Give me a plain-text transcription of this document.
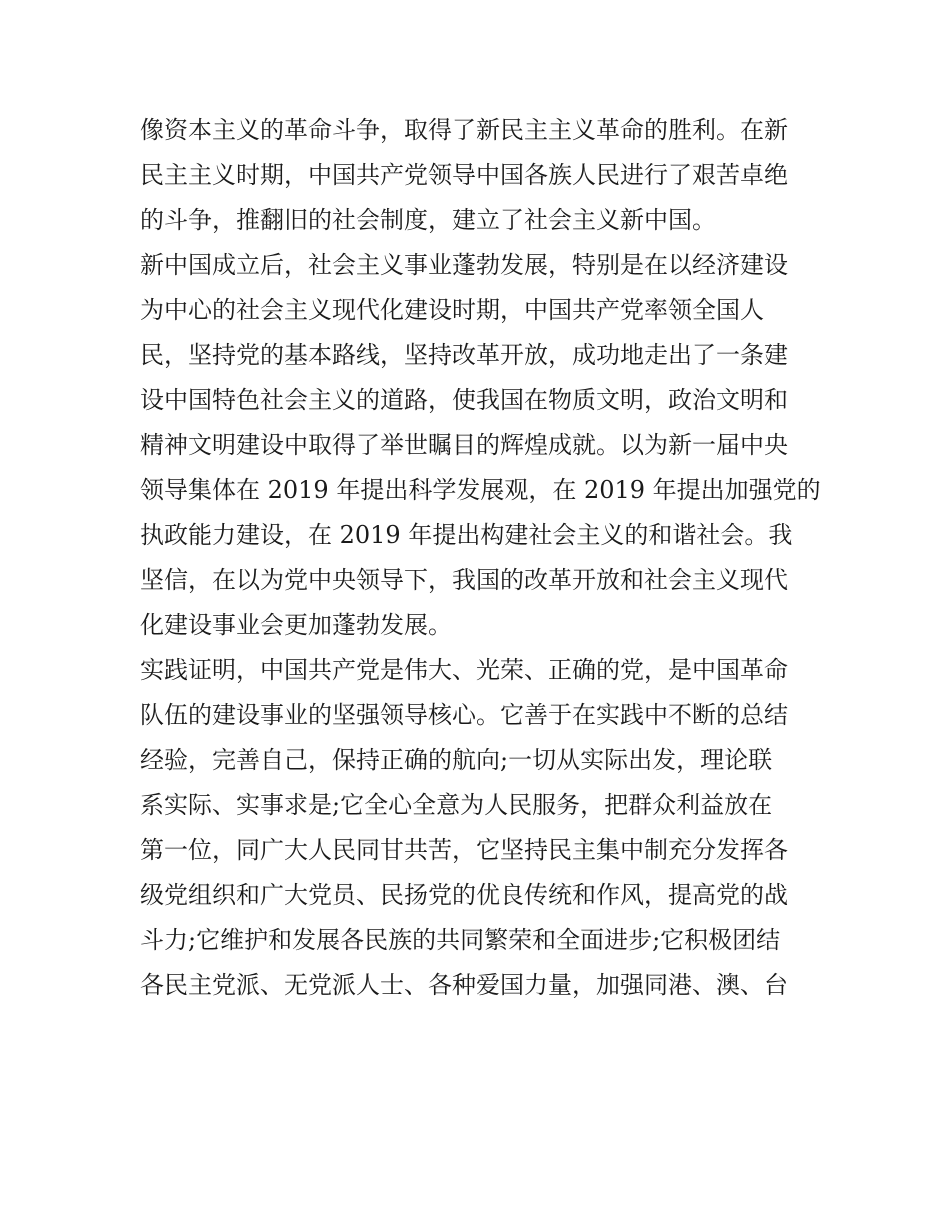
像资本主义的革命斗争，取得了新民主主义革命的胜利。在新
民主主义时期，中国共产党领导中国各族人民进行了艰苦卓绝
的斗争，推翻旧的社会制度，建立了社会主义新中国。
新中国成立后，社会主义事业蓬勃发展，特别是在以经济建设
为中心的社会主义现代化建设时期，中国共产党率领全国人
民，坚持党的基本路线，坚持改革开放，成功地走出了一条建
设中国特色社会主义的道路，使我国在物质文明，政治文明和
精神文明建设中取得了举世瞩目的辉煌成就。以为新一届中央
领导集体在 2019 年提出科学发展观，在 2019 年提出加强党的
执政能力建设，在 2019 年提出构建社会主义的和谐社会。我
坚信，在以为党中央领导下，我国的改革开放和社会主义现代
化建设事业会更加蓬勃发展。
实践证明，中国共产党是伟大、光荣、正确的党，是中国革命
队伍的建设事业的坚强领导核心。它善于在实践中不断的总结
经验，完善自己，保持正确的航向;一切从实际出发，理论联
系实际、实事求是;它全心全意为人民服务，把群众利益放在
第一位，同广大人民同甘共苦，它坚持民主集中制充分发挥各
级党组织和广大党员、民扬党的优良传统和作风，提高党的战
斗力;它维护和发展各民族的共同繁荣和全面进步;它积极团结
各民主党派、无党派人士、各种爱国力量，加强同港、澳、台
